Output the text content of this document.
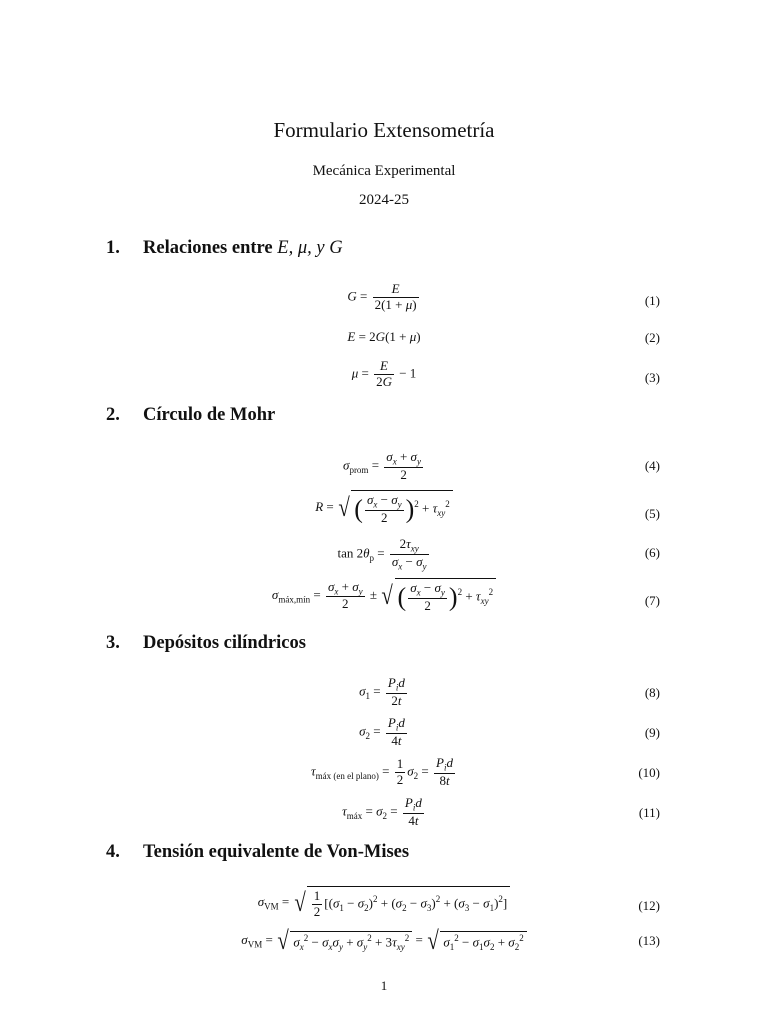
Formulario Extensometría
Mecánica Experimental
2024-25
1. Relaciones entre E, μ, y G
$G = \frac{E}{2(1 + \mu)}$	(1)
E = 2G(1 + μ)	(2)
$\mu = \frac{E}{2G} - 1$	(3)
2. Círculo de Mohr
$\sigma_{prom} = \frac{\sigma_x + \sigma_y}{2}$	(4)
R = √ ( $\frac{\sigma_x - \sigma_y}{2} )^2 + \tau_{xy}^2$
(5)
$\tan 2\theta_p = \frac{2\tau_{xy}}{\sigma_x - \sigma_y}$	(6)
$\sigma_{máx,mín} = \frac{\sigma_x + \sigma_y}{2}$ ± √ ( $\frac{\sigma_x - \sigma_y}{2} )^2 + \tau_{xy}^2$
(7)
3. Depósitos cilíndricos
$\sigma_1 = \frac{P_id}{2t}$	(8)
$\sigma_2 = \frac{P_id}{4t}$	(9)
$\tau_{máx (en el plano)} = \frac{1}{2} \sigma_2 = \frac{P_id}{8t}$	(10)
$\tau_{máx} = \sigma_2 = \frac{P_id}{4t}$	(11)
4. Tensión equivalente de Von-Mises
$\sigma_{VM}$ = √ $\frac{1}{2} [(\sigma_1 - \sigma_2)^2 + (\sigma_2 - \sigma_3)^2 + (\sigma_3 - \sigma_1)^2]$	(12)
$\sigma_{VM}$ = √ $\sigma_x^2 - \sigma_x\sigma_y + \sigma_y^2 + 3\tau_{xy}^2$ = √ $\sigma_1^2 - \sigma_1\sigma_2 + \sigma_2^2$	(13)
1
